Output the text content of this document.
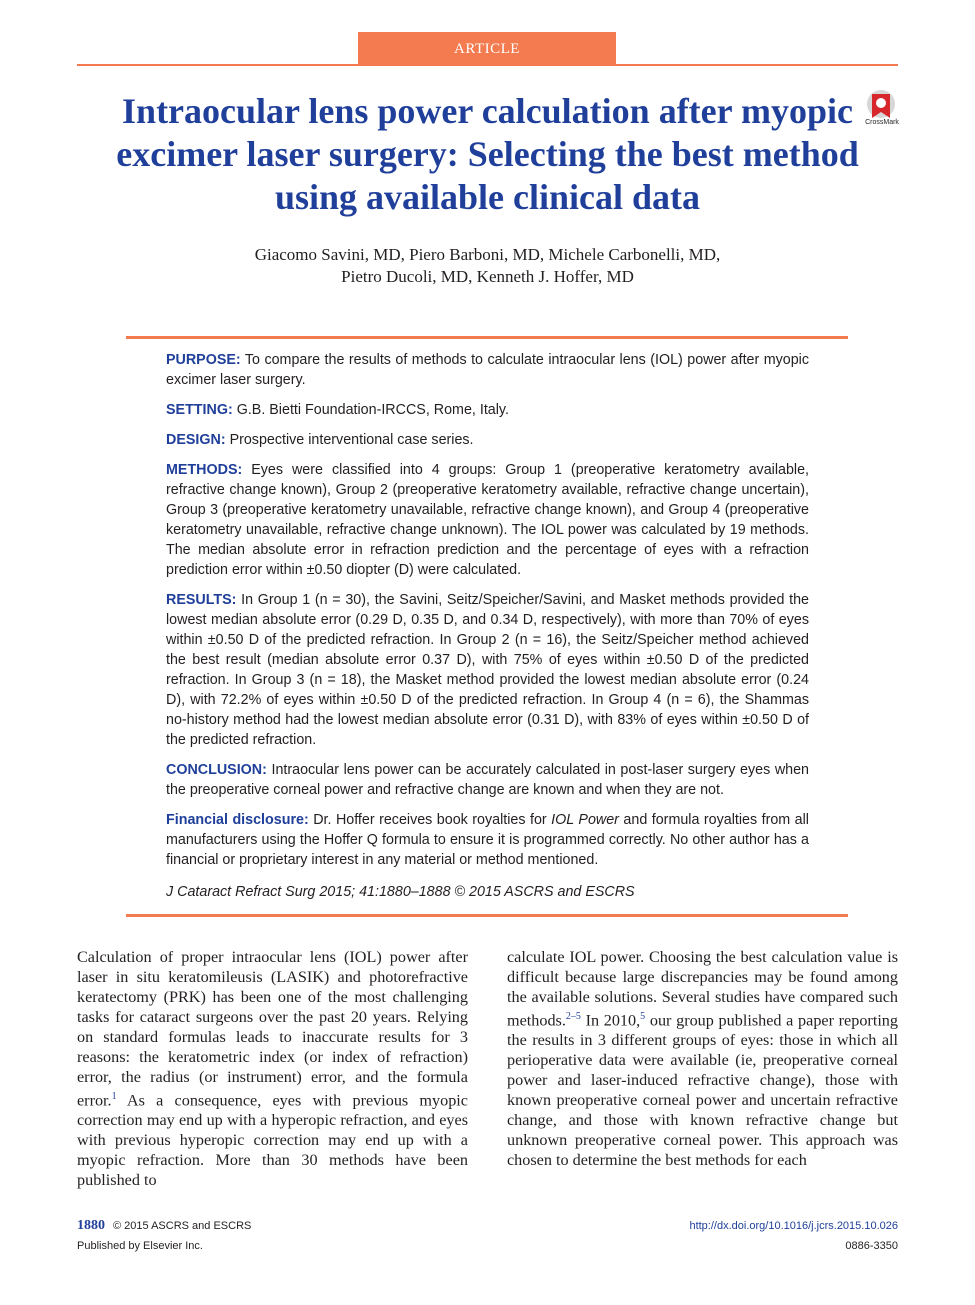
ARTICLE
Intraocular lens power calculation after myopic excimer laser surgery: Selecting the best method using available clinical data
CrossMark
Giacomo Savini, MD, Piero Barboni, MD, Michele Carbonelli, MD,
Pietro Ducoli, MD, Kenneth J. Hoffer, MD

PURPOSE: To compare the results of methods to calculate intraocular lens (IOL) power after myopic excimer laser surgery.

SETTING: G.B. Bietti Foundation-IRCCS, Rome, Italy.

DESIGN: Prospective interventional case series.

METHODS: Eyes were classified into 4 groups: Group 1 (preoperative keratometry available, refractive change known), Group 2 (preoperative keratometry available, refractive change uncertain), Group 3 (preoperative keratometry unavailable, refractive change known), and Group 4 (preoperative keratometry unavailable, refractive change unknown). The IOL power was calculated by 19 methods. The median absolute error in refraction prediction and the percentage of eyes with a refraction prediction error within ±0.50 diopter (D) were calculated.

RESULTS: In Group 1 (n = 30), the Savini, Seitz/Speicher/Savini, and Masket methods provided the lowest median absolute error (0.29 D, 0.35 D, and 0.34 D, respectively), with more than 70% of eyes within ±0.50 D of the predicted refraction. In Group 2 (n = 16), the Seitz/Speicher method achieved the best result (median absolute error 0.37 D), with 75% of eyes within ±0.50 D of the predicted refraction. In Group 3 (n = 18), the Masket method provided the lowest median absolute error (0.24 D), with 72.2% of eyes within ±0.50 D of the predicted refraction. In Group 4 (n = 6), the Shammas no-history method had the lowest median absolute error (0.31 D), with 83% of eyes within ±0.50 D of the predicted refraction.

CONCLUSION: Intraocular lens power can be accurately calculated in post-laser surgery eyes when the preoperative corneal power and refractive change are known and when they are not.

Financial disclosure: Dr. Hoffer receives book royalties for IOL Power and formula royalties from all manufacturers using the Hoffer Q formula to ensure it is programmed correctly. No other author has a financial or proprietary interest in any material or method mentioned.

J Cataract Refract Surg 2015; 41:1880–1888 © 2015 ASCRS and ESCRS

Calculation of proper intraocular lens (IOL) power after laser in situ keratomileusis (LASIK) and photorefractive keratectomy (PRK) has been one of the most challenging tasks for cataract surgeons over the past 20 years. Relying on standard formulas leads to inaccurate results for 3 reasons: the keratometric index (or index of refraction) error, the radius (or instrument) error, and the formula error.$^1$ As a consequence, eyes with previous myopic correction may end up with a hyperopic refraction, and eyes with previous hyperopic correction may end up with a myopic refraction. More than 30 methods have been published to
calculate IOL power. Choosing the best calculation value is difficult because large discrepancies may be found among the available solutions. Several studies have compared such methods.$^{2-5}$ In 2010,$^5$ our group published a paper reporting the results in 3 different groups of eyes: those in which all perioperative data were available (ie, preoperative corneal power and laser-induced refractive change), those with known preoperative corneal power and uncertain refractive change, and those with known refractive change but unknown preoperative corneal power. This approach was chosen to determine the best methods for each
1880 © 2015 ASCRS and ESCRS
Published by Elsevier Inc.
http://dx.doi.org/10.1016/j.jcrs.2015.10.026
0886-3350
